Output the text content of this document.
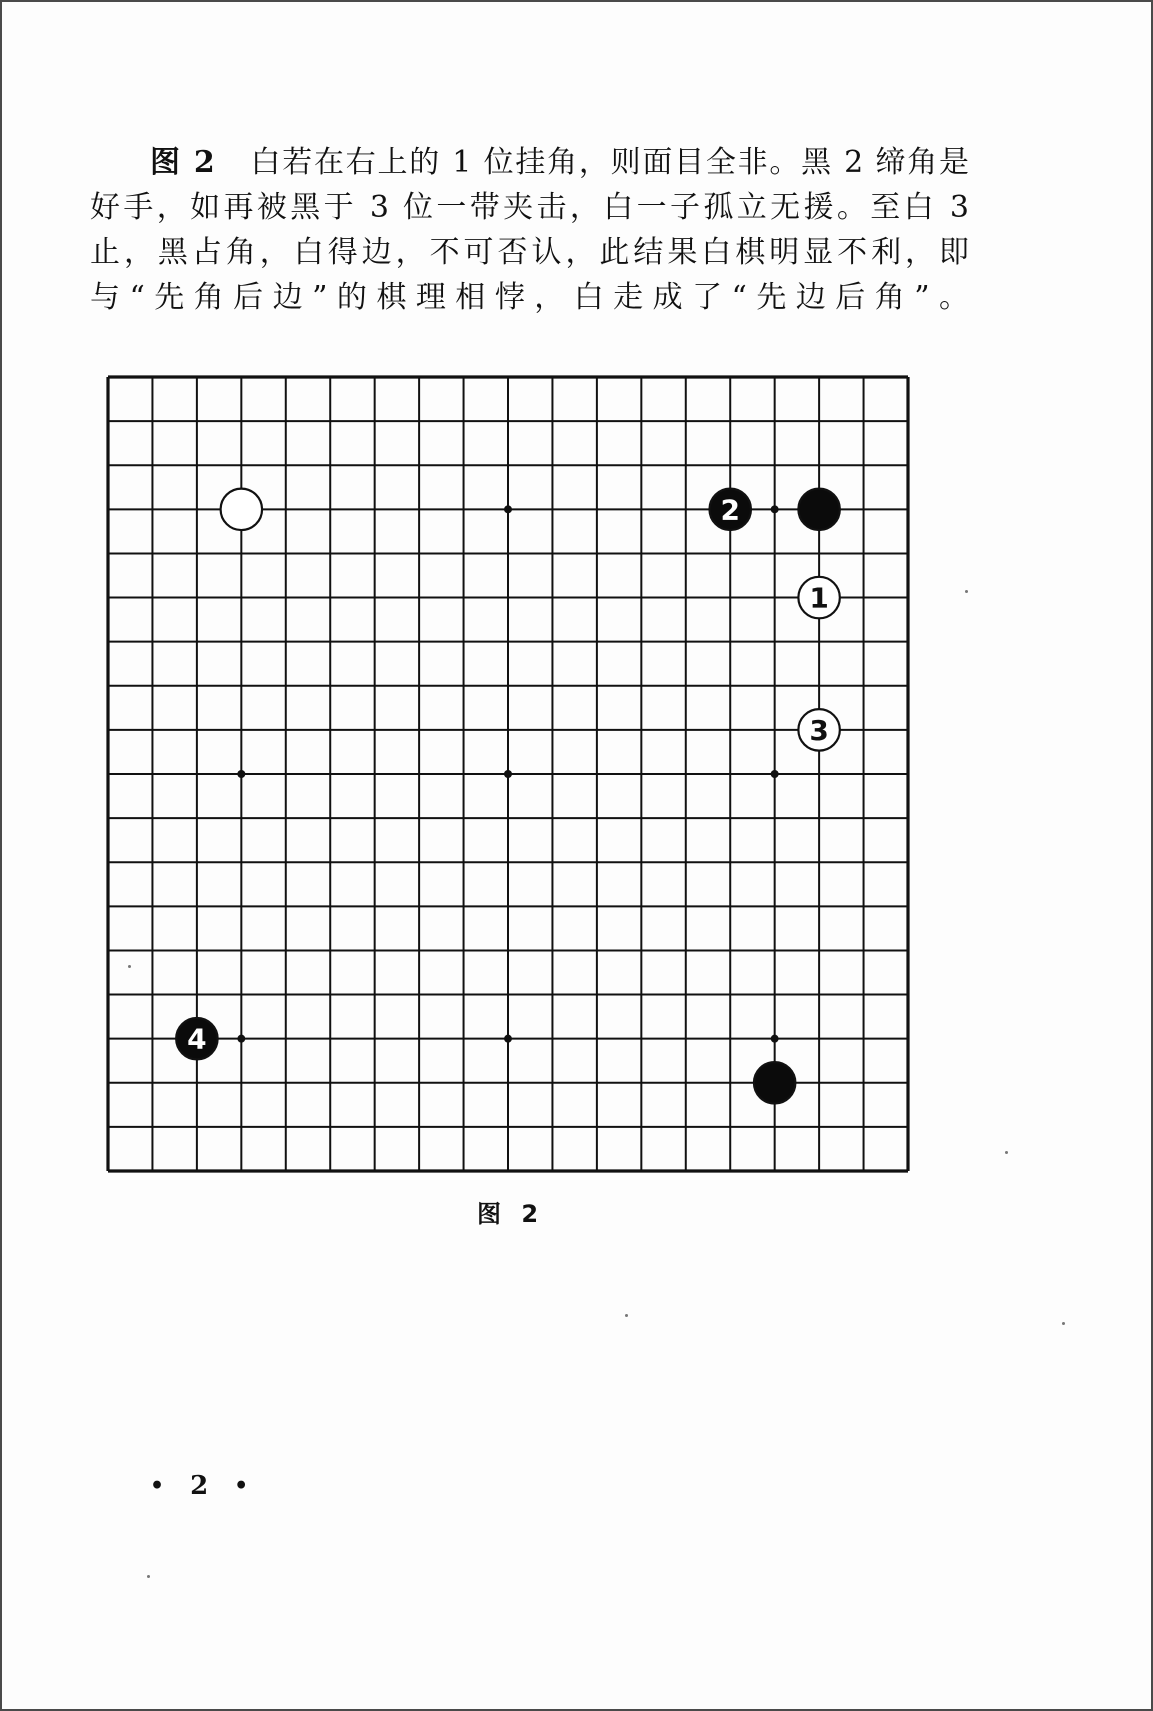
图 2 白若在右上的 1 位挂角，则面目全非。黑 2 缔角是好手，如再被黑于 3 位一带夹击，白一子孤立无援。至白 3 止，黑占角，白得边，不可否认，此结果白棋明显不利，即与“先角后边”的棋理相悖，白走成了“先边后角”。

2
1
3
4
图 2
• 2 •
